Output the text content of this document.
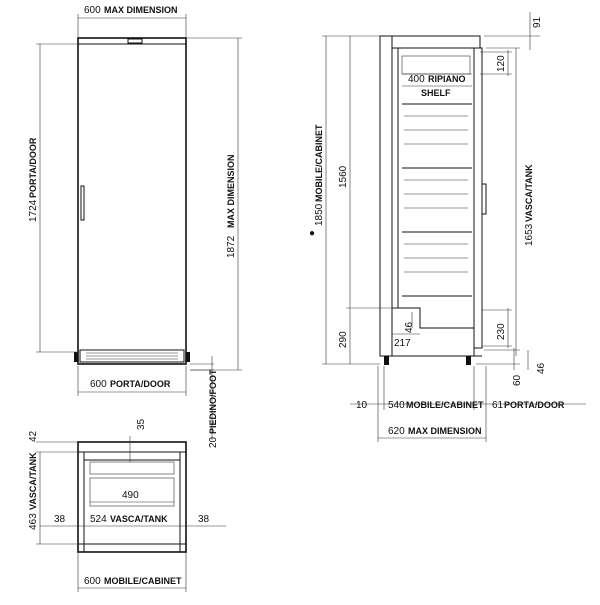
600 MAX DIMENSION
1724
PORTA/DOOR
1872
MAX DIMENSION
600 PORTA/DOOR
20
PIEDINO/FOOT
400 RIPIANO
SHELF
91
120
●
1850
MOBILE/CABINET 1560
1653
VASCA/TANK
290
46
217
230
60
46
10 540 MOBILE/CABINET 61 PORTA/DOOR
620 MAX DIMENSION
42
35
463
VASCA/TANK	490
38 524 VASCA/TANK	38
600 MOBILE/CABINET
